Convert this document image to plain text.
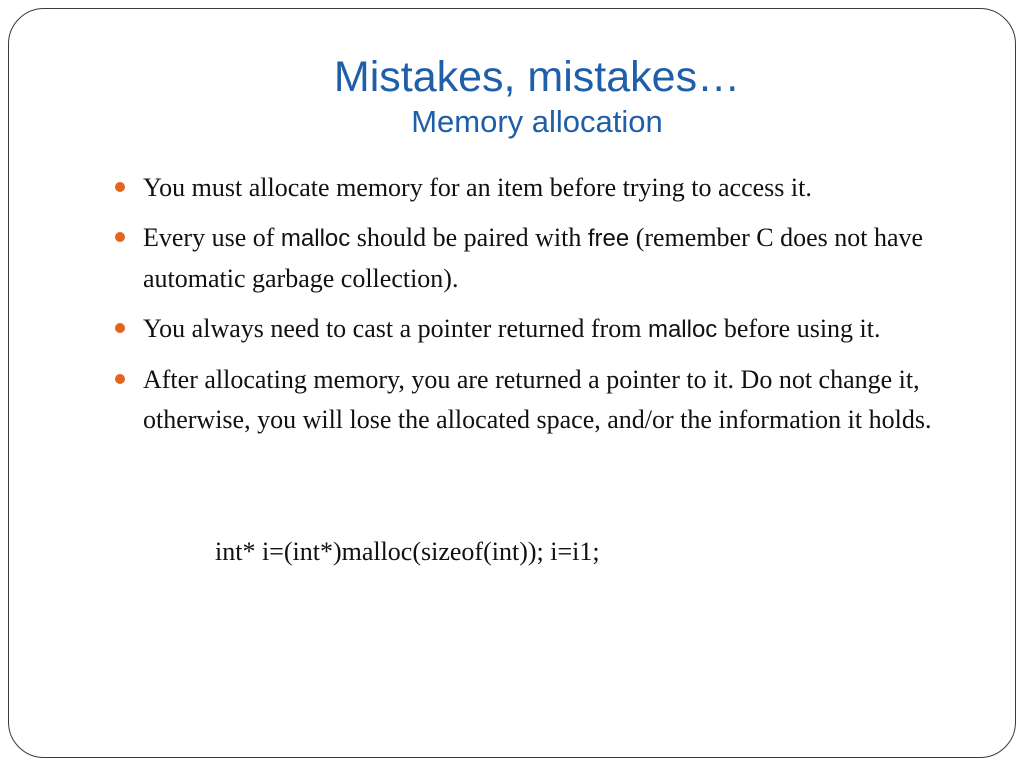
Mistakes, mistakes…
Memory allocation
You must allocate memory for an item before trying to access it.
Every use of malloc should be paired with free (remember C does not have automatic garbage collection).
You always need to cast a pointer returned from malloc before using it.
After allocating memory, you are returned a pointer to it. Do not change it, otherwise, you will lose the allocated space, and/or the information it holds.
int* i=(int*)malloc(sizeof(int)); i=i1;
